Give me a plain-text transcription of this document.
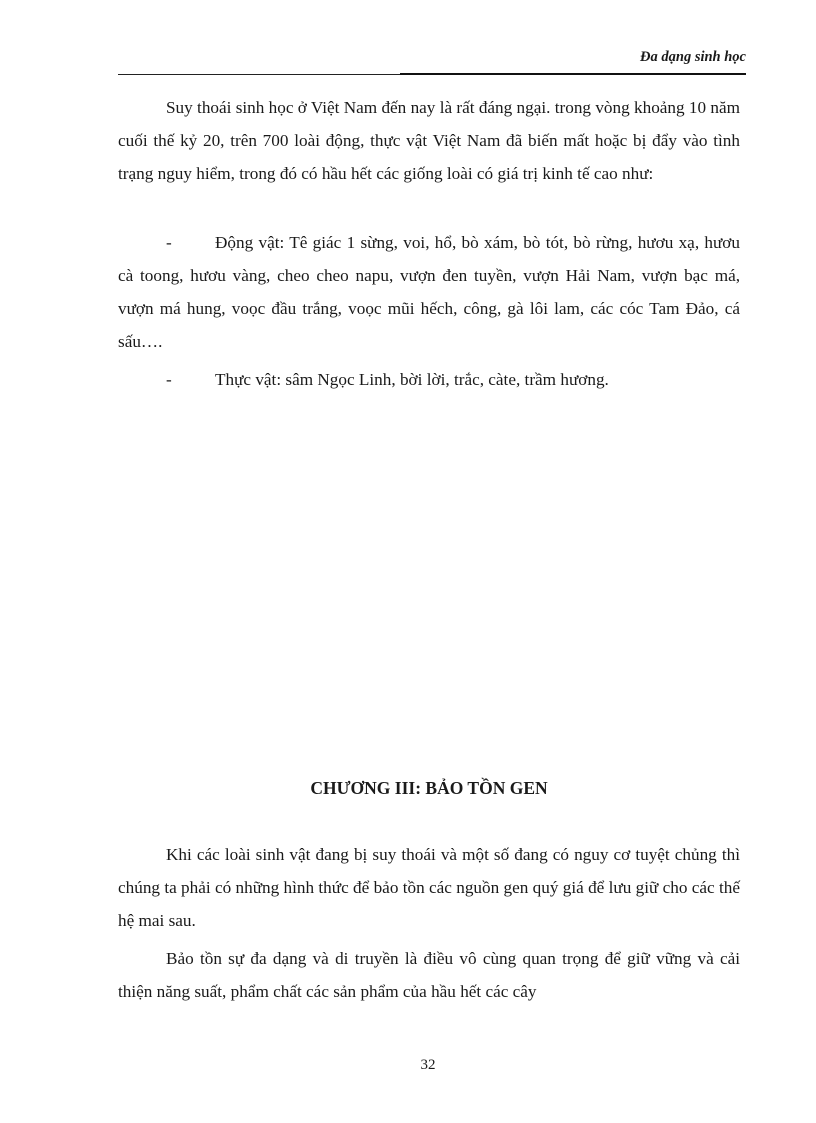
Đa dạng sinh học

Suy thoái sinh học ở Việt Nam đến nay là rất đáng ngại. trong vòng khoảng 10 năm cuối thế kỷ 20, trên 700 loài động, thực vật Việt Nam đã biến mất hoặc bị đẩy vào tình trạng nguy hiểm, trong đó có hầu hết các giống loài có giá trị kinh tế cao như:

-	Động vật: Tê giác 1 sừng, voi, hổ, bò xám, bò tót, bò rừng, hươu xạ, hươu cà toong, hươu vàng, cheo cheo napu, vượn đen tuyền, vượn Hải Nam, vượn bạc má, vượn má hung, voọc đầu trắng, voọc mũi hếch, công, gà lôi lam, các cóc Tam Đảo, cá sấu….

-	Thực vật: sâm Ngọc Linh, bời lời, trắc, càte, trầm hương.

CHƯƠNG III: BẢO TỒN GEN

Khi các loài sinh vật đang bị suy thoái và một số đang có nguy cơ tuyệt chủng thì chúng ta phải có những hình thức để bảo tồn các nguồn gen quý giá để lưu giữ cho các thế hệ mai sau.

Bảo tồn sự đa dạng và di truyền là điều vô cùng quan trọng để giữ vững và cải thiện năng suất, phẩm chất các sản phẩm của hầu hết các cây

32
